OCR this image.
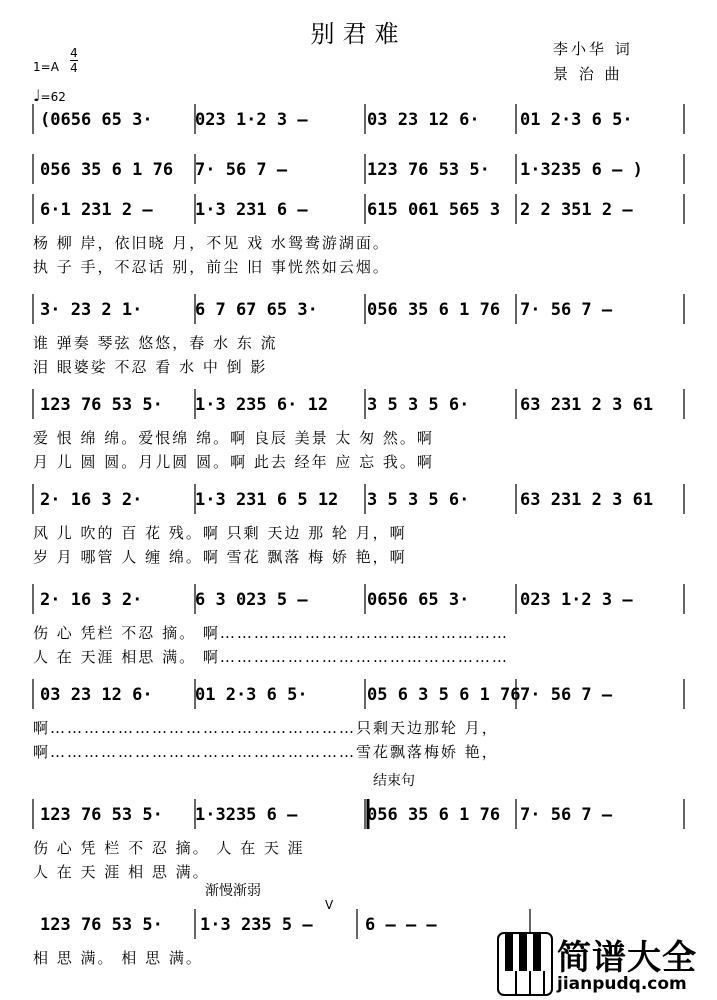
别君难
李小华 词
景 治 曲
1=A
4
4
♩=62
(0656 65 3· 023 1·2 3 –	03 23 12 6· 01 2·3 6 5·
056 35 6 1 76 7· 56 7 –	123 76 53 5· 1·3235 6 – )
6·1 231 2 – 1·3 231 6 –	615 061 565 3 2 2 351 2 –
杨 柳 岸，依旧晓 月，不见 戏 水鸳鸯游湖面。
执 子 手，不忍话 别，前尘 旧 事恍然如云烟。
3· 23 2 1·	6 7 67 65 3·	056 35 6 1 76 7· 56 7 –
谁 弹奏 琴弦 悠悠，春 水 东 流
泪 眼婆娑 不忍 看 水 中 倒 影
123 76 53 5· 1·3 235 6· 12 3 5 3 5 6·	63 231 2 3 61
爱 恨 绵 绵。爱恨绵 绵。啊 良辰 美景 太 匆 然。啊
月 儿 圆 圆。月儿圆 圆。啊 此去 经年 应 忘 我。啊
2· 16 3 2·	1·3 231 6 5 12 3 5 3 5 6·	63 231 2 3 61
风 儿 吹的 百 花 残。啊 只剩 天边 那 轮 月，啊
岁 月 哪管 人 缠 绵。啊 雪花 飘落 梅 娇 艳，啊
2· 16 3 2·	6 3 023 5 –	0656 65 3·	023 1·2 3 –
伤 心 凭栏 不忍 摘。 啊……………………………………………
人 在 天涯 相思 满。 啊……………………………………………
03 23 12 6· 01 2·3 6 5·	05 6 3 5 6 1 76 7· 56 7 –
啊………………………………………………只剩天边那轮 月，
啊………………………………………………雪花飘落梅娇 艳，
123 76 53 5· 1·3235 6 –	056 35 6 1 76 7· 56 7 –
伤 心 凭 栏 不 忍 摘。 人 在 天 涯
人 在 天 涯 相 思 满。
123 76 53 5· 1·3 235 5 –	6 – – –
相 思 满。 相 思 满。
结束句
渐慢渐弱
V
简谱大全
jianpudq.com
